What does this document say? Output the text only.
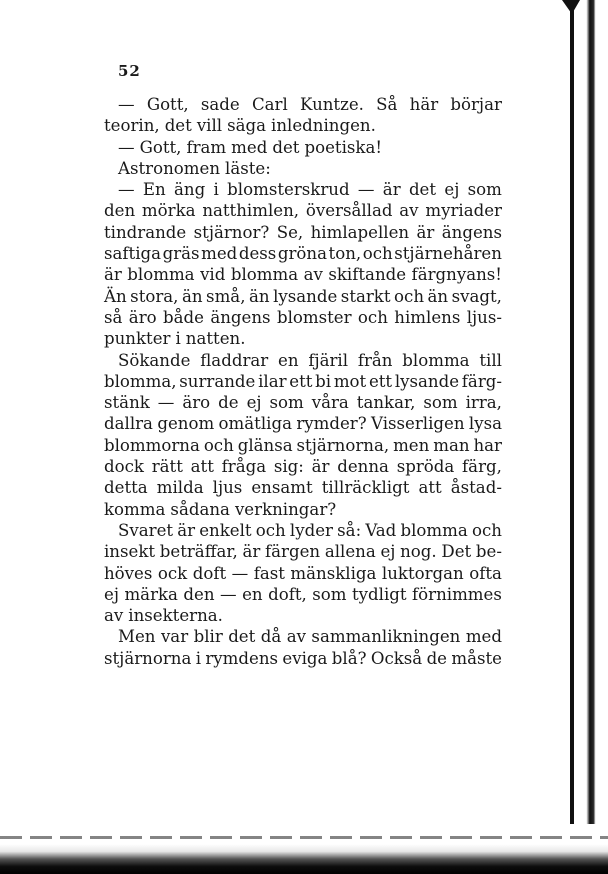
52
— Gott, sade Carl Kuntze. Så här börjar
teorin, det vill säga inledningen.
— Gott, fram med det poetiska!
Astronomen läste:
— En äng i blomsterskrud — är det ej som
den mörka natthimlen, översållad av myriader
tindrande stjärnor? Se, himlapellen är ängens
saftiga gräs med dess gröna ton, och stjärnehåren
är blomma vid blomma av skiftande färgnyans!
Än stora, än små, än lysande starkt och än svagt,
så äro både ängens blomster och himlens ljus-
punkter i natten.
Sökande fladdrar en fjäril från blomma till
blomma, surrande ilar ett bi mot ett lysande färg-
stänk — äro de ej som våra tankar, som irra,
dallra genom omätliga rymder? Visserligen lysa
blommorna och glänsa stjärnorna, men man har
dock rätt att fråga sig: är denna spröda färg,
detta milda ljus ensamt tillräckligt att åstad-
komma sådana verkningar?
Svaret är enkelt och lyder så: Vad blomma och
insekt beträffar, är färgen allena ej nog. Det be-
höves ock doft — fast mänskliga luktorgan ofta
ej märka den — en doft, som tydligt förnimmes
av insekterna.
Men var blir det då av sammanlikningen med
stjärnorna i rymdens eviga blå? Också de måste
